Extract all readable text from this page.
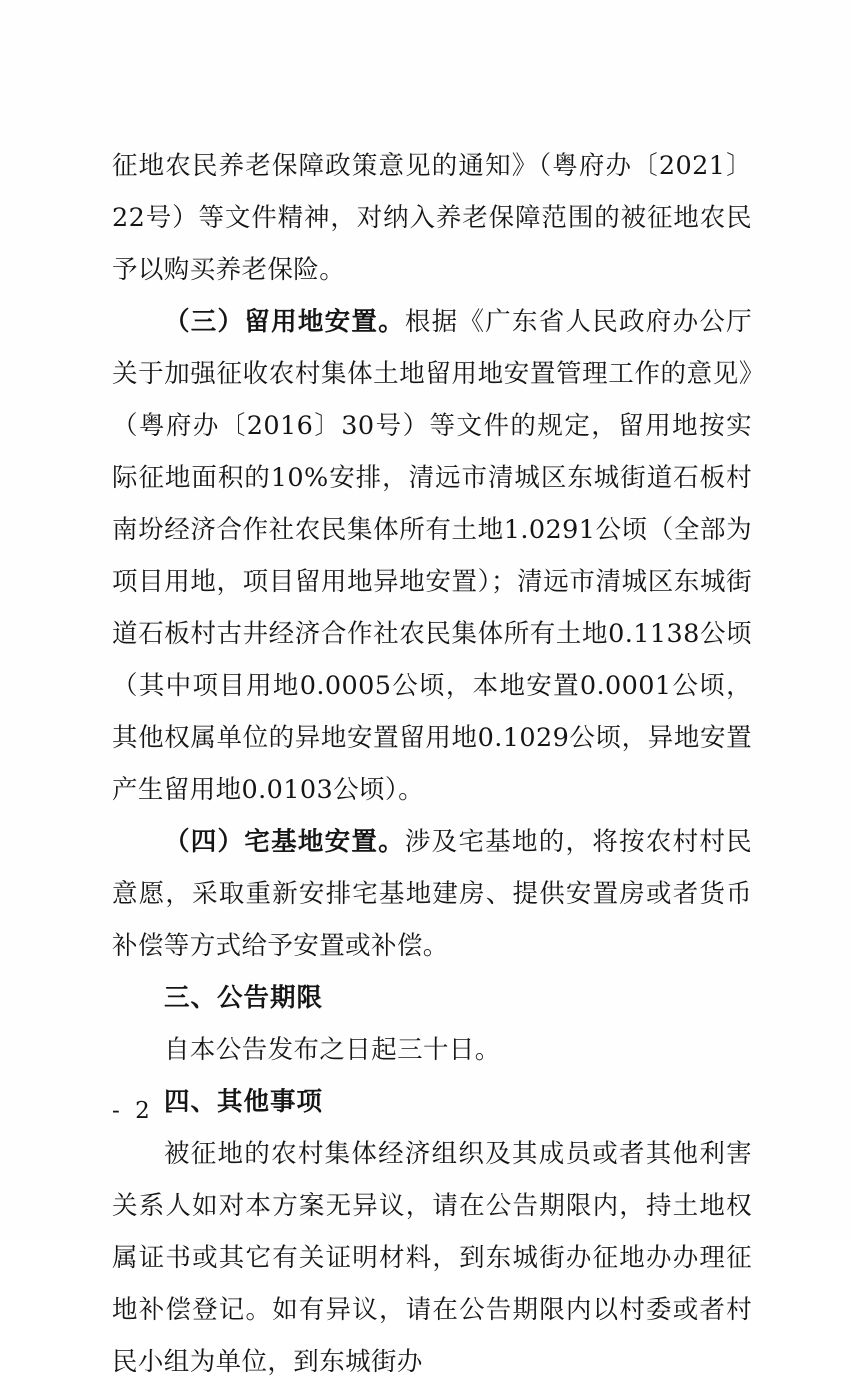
征地农民养老保障政策意见的通知》（粤府办〔2021〕22号）等文件精神，对纳入养老保障范围的被征地农民予以购买养老保险。

（三）留用地安置。根据《广东省人民政府办公厅关于加强征收农村集体土地留用地安置管理工作的意见》（粤府办〔2016〕30号）等文件的规定，留用地按实际征地面积的10%安排，清远市清城区东城街道石板村南坋经济合作社农民集体所有土地1.0291公顷（全部为项目用地，项目留用地异地安置）；清远市清城区东城街道石板村古井经济合作社农民集体所有土地0.1138公顷（其中项目用地0.0005公顷，本地安置0.0001公顷，其他权属单位的异地安置留用地0.1029公顷，异地安置产生留用地0.0103公顷）。

（四）宅基地安置。涉及宅基地的，将按农村村民意愿，采取重新安排宅基地建房、提供安置房或者货币补偿等方式给予安置或补偿。

三、公告期限

自本公告发布之日起三十日。

四、其他事项

被征地的农村集体经济组织及其成员或者其他利害关系人如对本方案无异议，请在公告期限内，持土地权属证书或其它有关证明材料，到东城街办征地办办理征地补偿登记。如有异议，请在公告期限内以村委或者村民小组为单位，到东城街办

- 2 -
